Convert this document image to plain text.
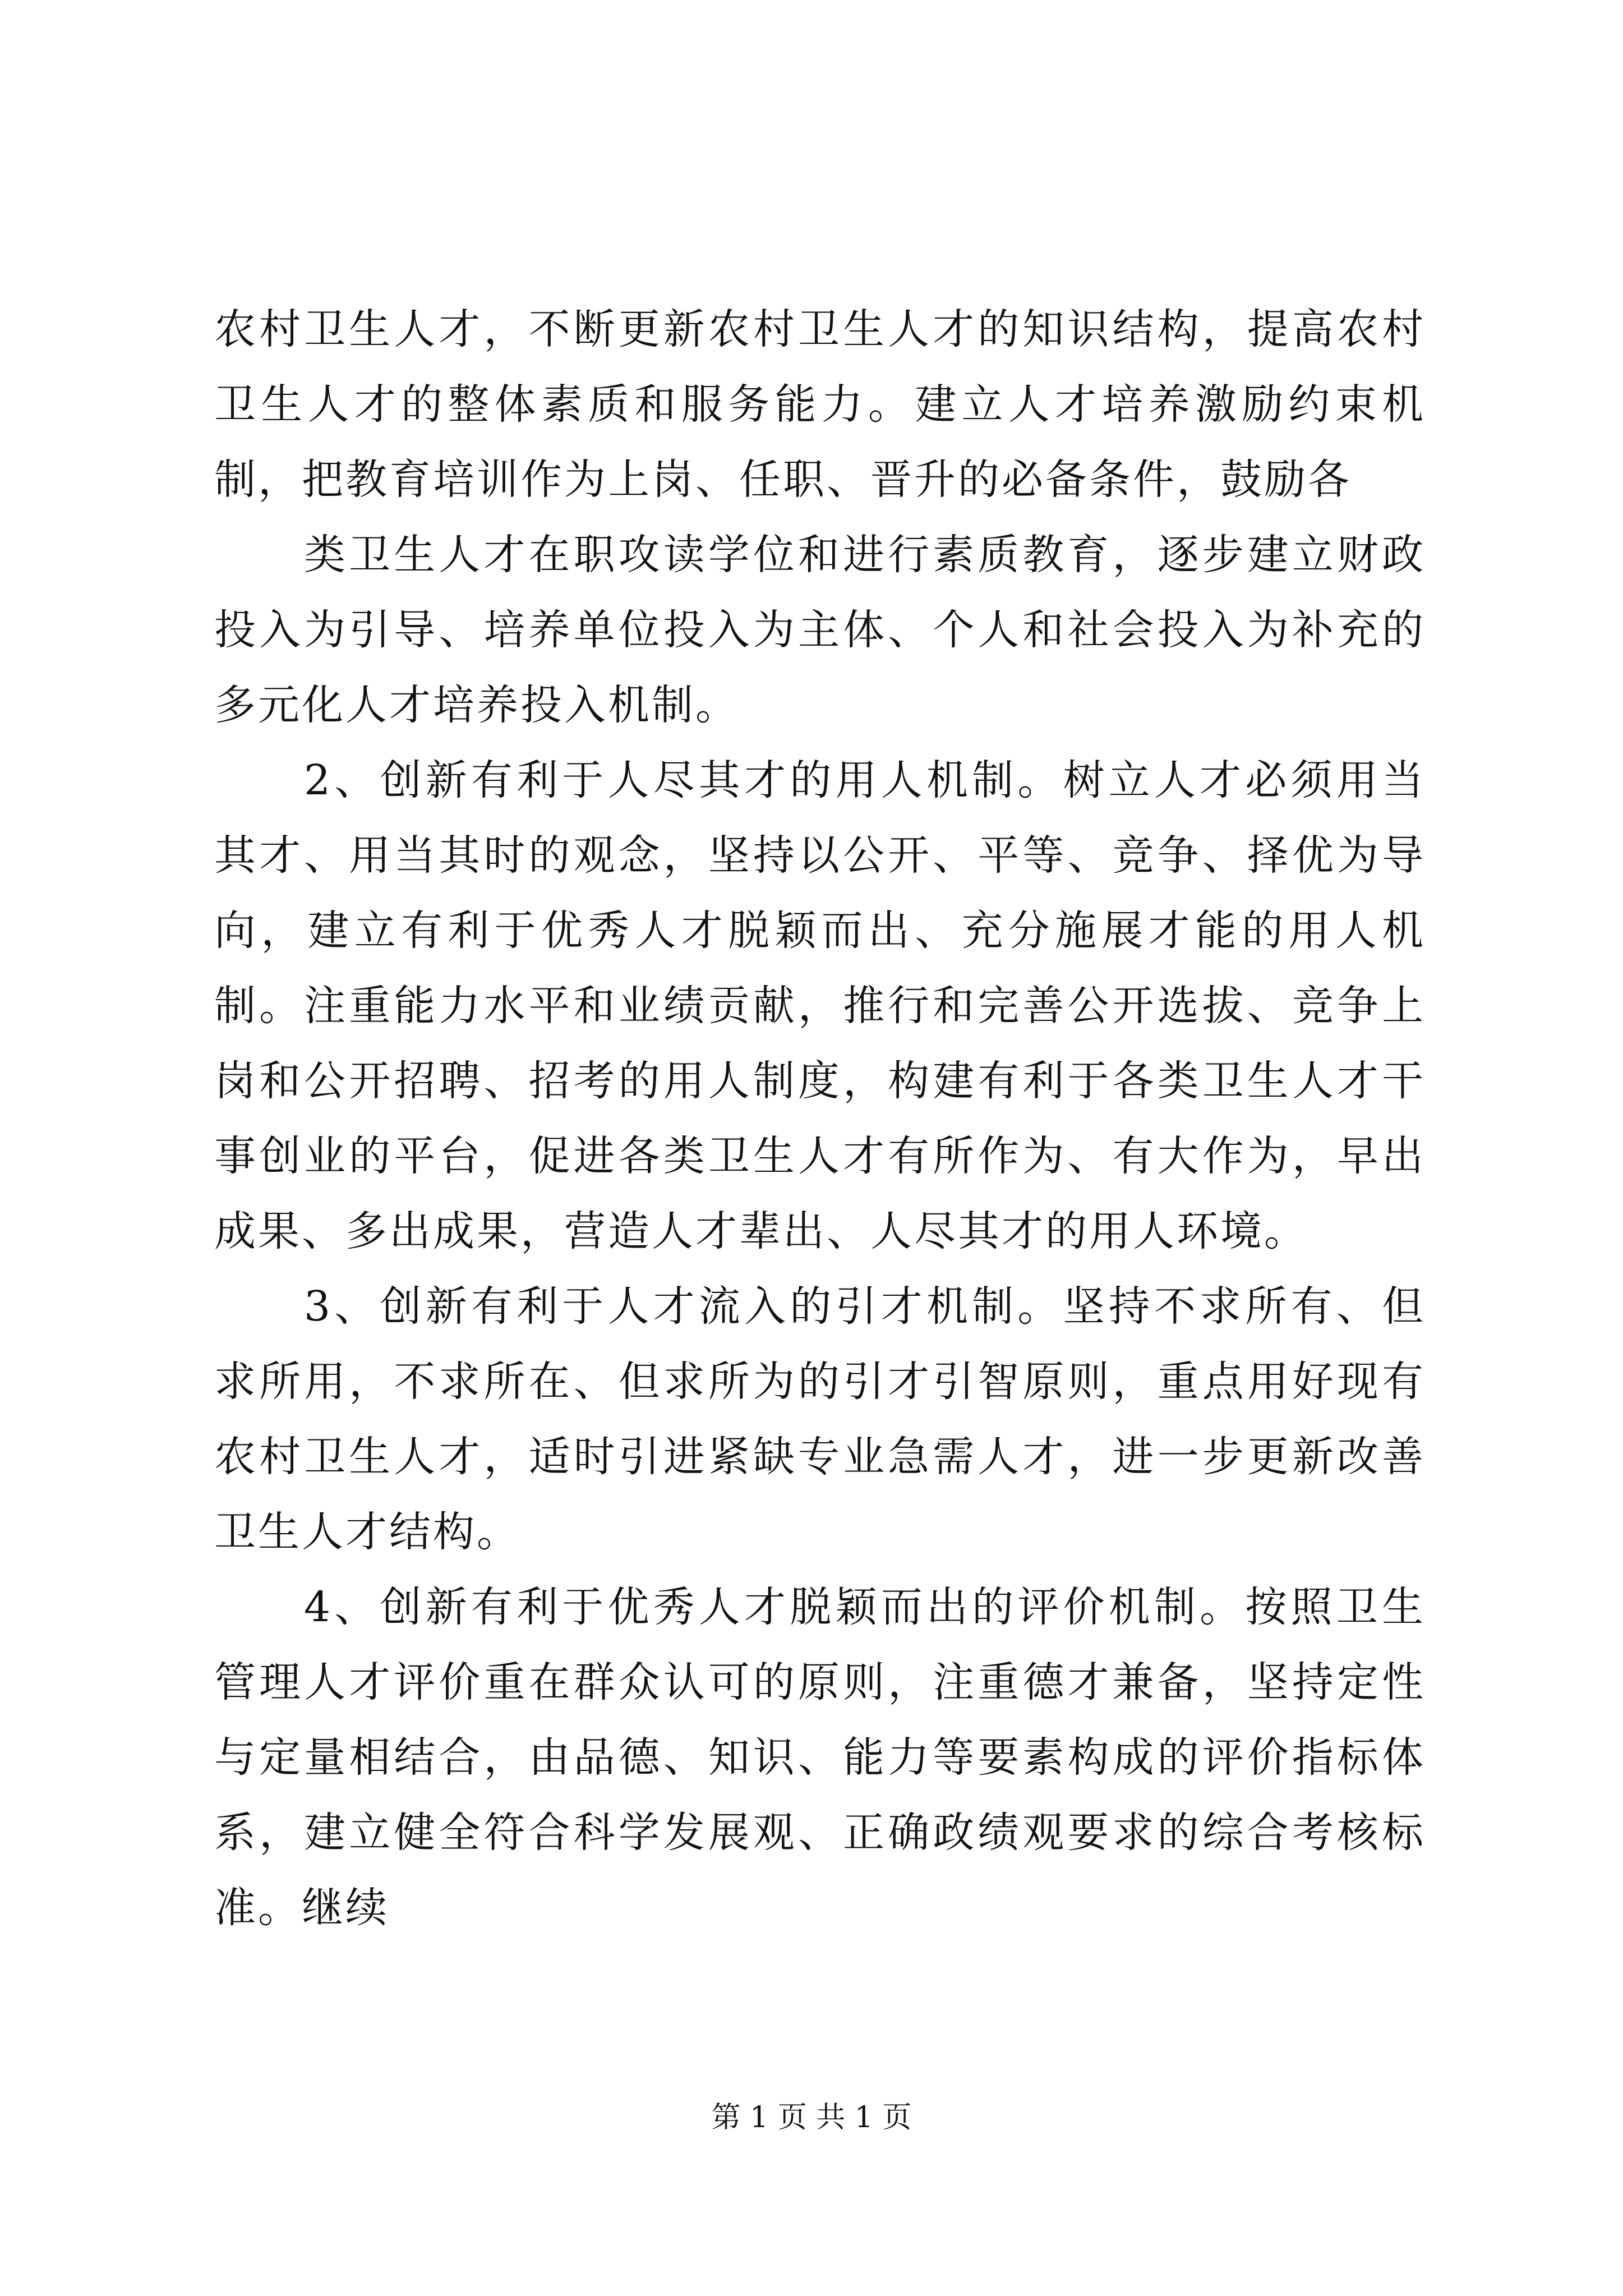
农村卫生人才，不断更新农村卫生人才的知识结构，提高农村卫生人才的整体素质和服务能力。建立人才培养激励约束机制，把教育培训作为上岗、任职、晋升的必备条件，鼓励各

类卫生人才在职攻读学位和进行素质教育，逐步建立财政投入为引导、培养单位投入为主体、个人和社会投入为补充的多元化人才培养投入机制。

2、创新有利于人尽其才的用人机制。树立人才必须用当其才、用当其时的观念，坚持以公开、平等、竞争、择优为导向，建立有利于优秀人才脱颖而出、充分施展才能的用人机制。注重能力水平和业绩贡献，推行和完善公开选拔、竞争上岗和公开招聘、招考的用人制度，构建有利于各类卫生人才干事创业的平台，促进各类卫生人才有所作为、有大作为，早出成果、多出成果，营造人才辈出、人尽其才的用人环境。

3、创新有利于人才流入的引才机制。坚持不求所有、但求所用，不求所在、但求所为的引才引智原则，重点用好现有农村卫生人才，适时引进紧缺专业急需人才，进一步更新改善卫生人才结构。

4、创新有利于优秀人才脱颖而出的评价机制。按照卫生管理人才评价重在群众认可的原则，注重德才兼备，坚持定性与定量相结合，由品德、知识、能力等要素构成的评价指标体系，建立健全符合科学发展观、正确政绩观要求的综合考核标准。继续

第 1 页 共 1 页
